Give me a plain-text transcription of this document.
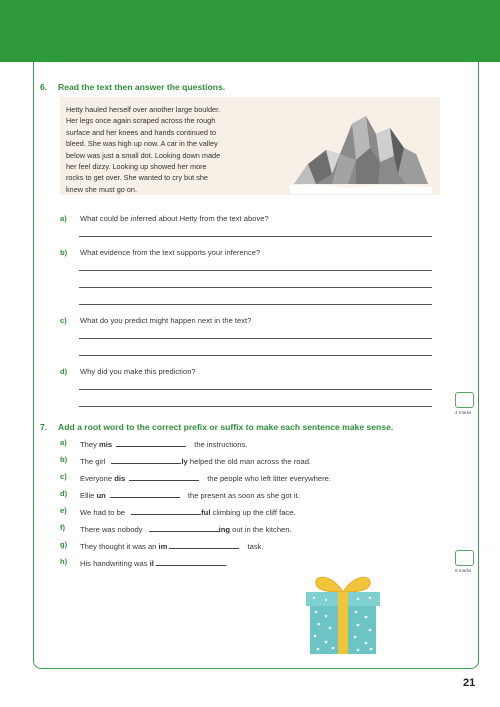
6. Read the text then answer the questions.
Hetty hauled herself over another large boulder.
Her legs once again scraped across the rough
surface and her knees and hands continued to
bleed. She was high up now. A car in the valley
below was just a small dot. Looking down made
her feel dizzy. Looking up showed her more
rocks to get over. She wanted to cry but she
knew she must go on.
a) What could be inferred about Hetty from the text above?
b) What evidence from the text supports your inference?
c) What do you predict might happen next in the text?
d) Why did you make this prediction?
4 marks
7. Add a root word to the correct prefix or suffix to make each sentence make sense.
a) They mis	the instructions.
b) The girl	ly helped the old man across the road.
c) Everyone dis	the people who left litter everywhere.
d) Ellie un	the present as soon as she got it.
e) We had to be	ful climbing up the cliff face.
f) There was nobody	ing out in the kitchen.
g) They thought it was an im	task.
h) His handwriting was il	.
8 marks
21
